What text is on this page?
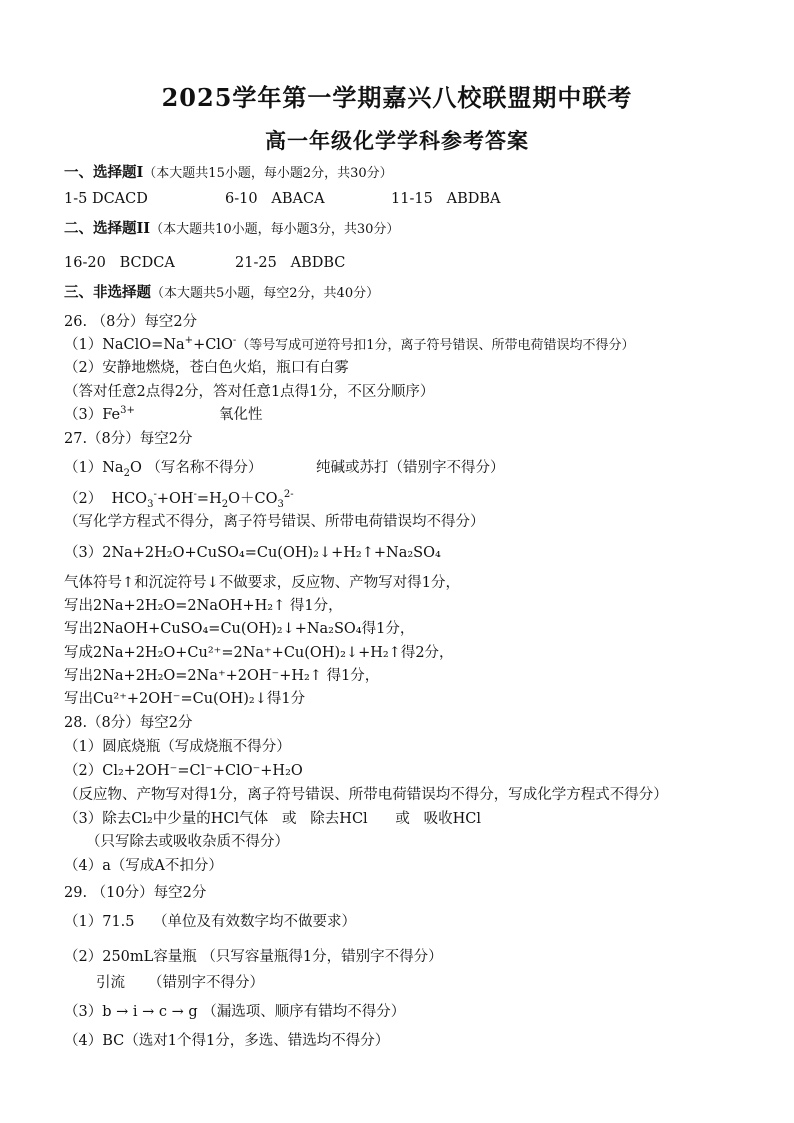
2025学年第一学期嘉兴八校联盟期中联考
高一年级化学学科参考答案
一、选择题I（本大题共15小题，每小题2分，共30分）
1-5 DCACD	6-10   ABACA	11-15   ABDBA
二、选择题II（本大题共10小题，每小题3分，共30分）
16-20   BCDCA	21-25   ABDBC
三、非选择题（本大题共5小题，每空2分，共40分）
26. （8分）每空2分
（1）NaClO=Na++ClO-（等号写成可逆符号扣1分，离子符号错误、所带电荷错误均不得分）
（2）安静地燃烧，苍白色火焰，瓶口有白雾
（答对任意2点得2分，答对任意1点得1分，不区分顺序）
$(3)Fe^{3+}$	氧化性
27.（8分）每空2分
$(1)Na_2O$ （写名称不得分）	纯碱或苏打（错别字不得分）
（2）  $HCO_3^-+OH^-=H_2O+CO_3^{2-}$
（写化学方程式不得分，离子符号错误、所带电荷错误均不得分）
（3）2Na+2H₂O+CuSO₄=Cu(OH)₂↓+H₂↑+Na₂SO₄
气体符号↑和沉淀符号↓不做要求，反应物、产物写对得1分，
写出2Na+2H₂O=2NaOH+H₂↑ 得1分，
写出2NaOH+CuSO₄=Cu(OH)₂↓+Na₂SO₄得1分，
写成2Na+2H₂O+Cu²⁺=2Na⁺+Cu(OH)₂↓+H₂↑得2分，
写出2Na+2H₂O=2Na⁺+2OH⁻+H₂↑ 得1分，
写出Cu²⁺+2OH⁻=Cu(OH)₂↓得1分
28.（8分）每空2分
（1）圆底烧瓶（写成烧瓶不得分）
（2）Cl₂+2OH⁻=Cl⁻+ClO⁻+H₂O
（反应物、产物写对得1分，离子符号错误、所带电荷错误均不得分，写成化学方程式不得分）
（3）除去Cl₂中少量的HCl气体   或   除去HCl      或   吸收HCl
（只写除去或吸收杂质不得分）
（4）a（写成A不扣分）
29. （10分）每空2分
（1）71.5    （单位及有效数字均不做要求）
（2）250mL容量瓶 （只写容量瓶得1分，错别字不得分）
引流     （错别字不得分）
（3）b → i → c → g （漏选项、顺序有错均不得分）
（4）BC（选对1个得1分，多选、错选均不得分）
